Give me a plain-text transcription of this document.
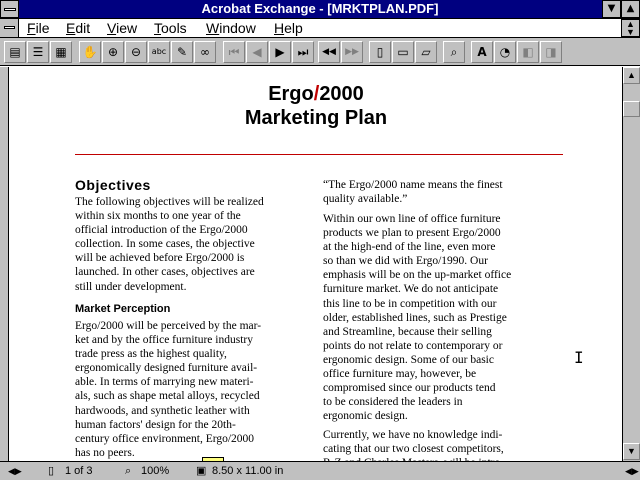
Acrobat Exchange - [MRKTPLAN.PDF]	▼	▲
File Edit View Tools Window Help	▲
▼
▤ ☰ ▦	✋ ⊕	⊖	abc ✎	∞	⏮	◀	▶	⏭	◀◀	▶▶	▯	▭	▱	⌕	A	◔	◧ ◨
Ergo/2000
Marketing Plan
Objectives
The following objectives will be realized
within six months to one year of the
official introduction of the Ergo/2000
collection. In some cases, the objective
will be achieved before Ergo/2000 is
launched. In other cases, objectives are
still under development.
Market Perception
Ergo/2000 will be perceived by the mar-
ket and by the office furniture industry
trade press as the highest quality,
ergonomically designed furniture avail-
able. In terms of marrying new materi-
als, such as shape metal alloys, recycled
hardwoods, and synthetic leather with
human factors' design for the 20th-
century office environment, Ergo/2000
has no peers.
“The Ergo/2000 name means the finest
quality available.”
Within our own line of office furniture
products we plan to present Ergo/2000
at the high-end of the line, even more
so than we did with Ergo/1990. Our
emphasis will be on the up-market office
furniture market. We do not anticipate
this line to be in competition with our
older, established lines, such as Prestige
and Streamline, because their selling
points do not relate to contemporary or
ergonomic design. Some of our basic
office furniture may, however, be
compromised since our products tend
to be considered the leaders in
ergonomic design.
Currently, we have no knowledge indi-
cating that our two closest competitors,

I
▲
▼
◀▶ ▯ 1 of 3	⌕ 100% ▣ 8.50 x 11.00 in	◀▶
